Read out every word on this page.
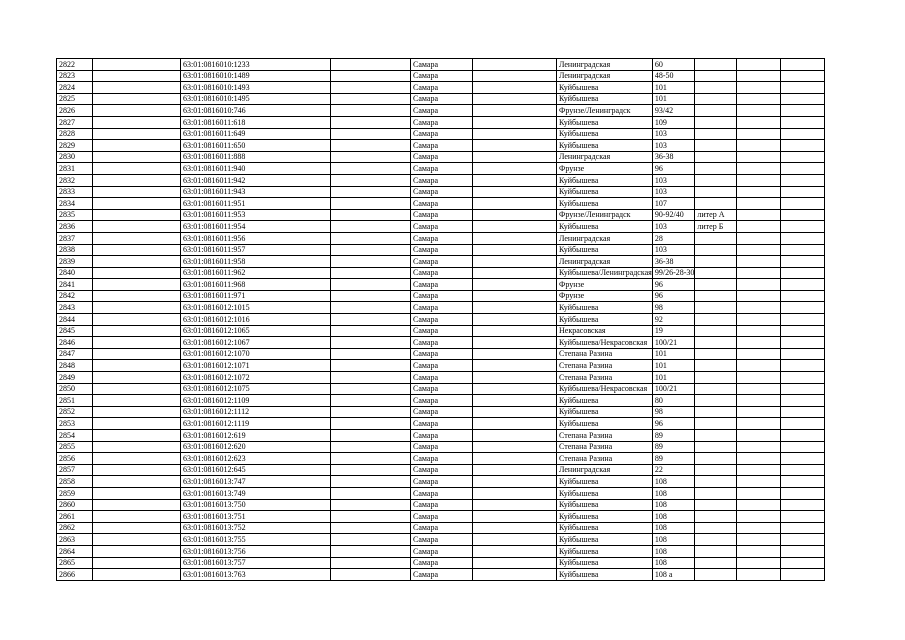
2822		63:01:0816010:1233		Самара		Ленинградская	60			
2823		63:01:0816010:1489		Самара		Ленинградская	48-50			
2824		63:01:0816010:1493		Самара		Куйбышева	101			
2825		63:01:0816010:1495		Самара		Куйбышева	101			
2826		63:01:0816010:746		Самара		Фрунзе/Ленинградск	93/42			
2827		63:01:0816011:618		Самара		Куйбышева	109			
2828		63:01:0816011:649		Самара		Куйбышева	103			
2829		63:01:0816011:650		Самара		Куйбышева	103			
2830		63:01:0816011:888		Самара		Ленинградская	36-38			
2831		63:01:0816011:940		Самара		Фрунзе	96			
2832		63:01:0816011:942		Самара		Куйбышева	103			
2833		63:01:0816011:943		Самара		Куйбышева	103			
2834		63:01:0816011:951		Самара		Куйбышева	107			
2835		63:01:0816011:953		Самара		Фрунзе/Ленинградск	90-92/40	литер А		
2836		63:01:0816011:954		Самара		Куйбышева	103	литер Б		
2837		63:01:0816011:956		Самара		Ленинградская	28			
2838		63:01:0816011:957		Самара		Куйбышева	103			
2839		63:01:0816011:958		Самара		Ленинградская	36-38			
2840		63:01:0816011:962		Самара		Куйбышева/Ленинградская	99/26-28-30			
2841		63:01:0816011:968		Самара		Фрунзе	96			
2842		63:01:0816011:971		Самара		Фрунзе	96			
2843		63:01:0816012:1015		Самара		Куйбышева	98			
2844		63:01:0816012:1016		Самара		Куйбышева	92			
2845		63:01:0816012:1065		Самара		Некрасовская	19			
2846		63:01:0816012:1067		Самара		Куйбышева/Некрасовская	100/21			
2847		63:01:0816012:1070		Самара		Степана Разина	101			
2848		63:01:0816012:1071		Самара		Степана Разина	101			
2849		63:01:0816012:1072		Самара		Степана Разина	101			
2850		63:01:0816012:1075		Самара		Куйбышева/Некрасовская	100/21			
2851		63:01:0816012:1109		Самара		Куйбышева	80			
2852		63:01:0816012:1112		Самара		Куйбышева	98			
2853		63:01:0816012:1119		Самара		Куйбышева	96			
2854		63:01:0816012:619		Самара		Степана Разина	89			
2855		63:01:0816012:620		Самара		Степана Разина	89			
2856		63:01:0816012:623		Самара		Степана Разина	89			
2857		63:01:0816012:645		Самара		Ленинградская	22			
2858		63:01:0816013:747		Самара		Куйбышева	108			
2859		63:01:0816013:749		Самара		Куйбышева	108			
2860		63:01:0816013:750		Самара		Куйбышева	108			
2861		63:01:0816013:751		Самара		Куйбышева	108			
2862		63:01:0816013:752		Самара		Куйбышева	108			
2863		63:01:0816013:755		Самара		Куйбышева	108			
2864		63:01:0816013:756		Самара		Куйбышева	108			
2865		63:01:0816013:757		Самара		Куйбышева	108			
2866		63:01:0816013:763		Самара		Куйбышева	108 а			
